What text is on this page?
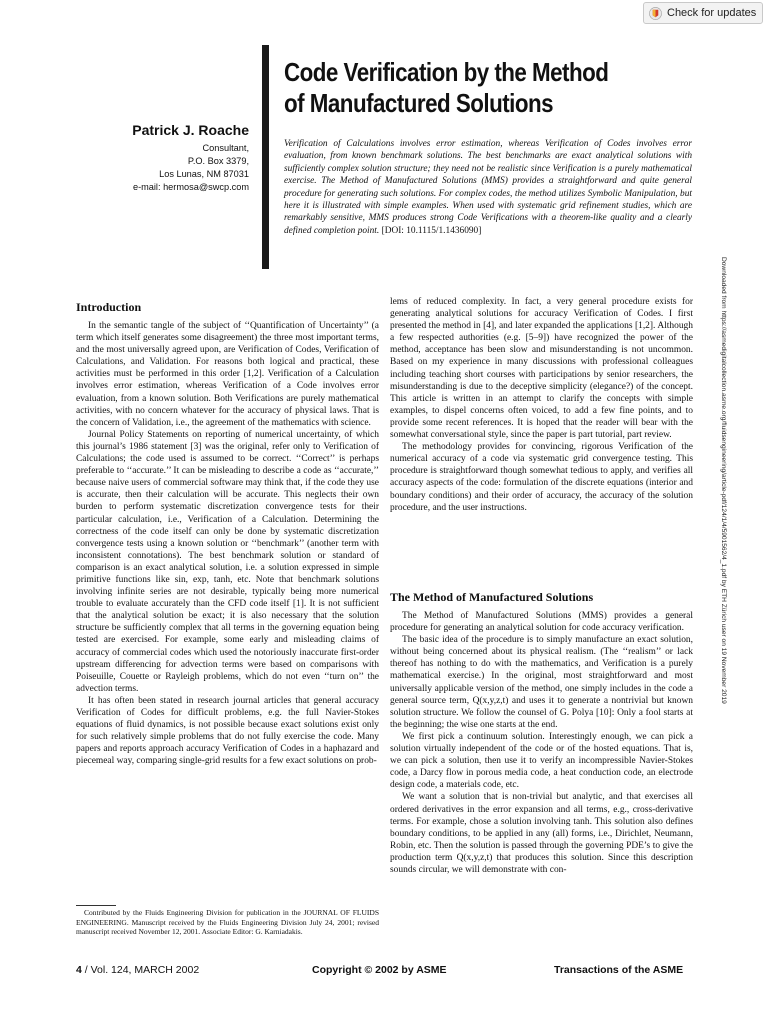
Check for updates
Code Verification by the Method
of Manufactured Solutions
Patrick J. Roache
Consultant,
P.O. Box 3379,
Los Lunas, NM 87031
e-mail: hermosa@swcp.com
Verification of Calculations involves error estimation, whereas Verification of Codes involves error evaluation, from known benchmark solutions. The best benchmarks are exact analytical solutions with sufficiently complex solution structure; they need not be realistic since Verification is a purely mathematical exercise. The Method of Manufactured Solutions (MMS) provides a straightforward and quite general procedure for generating such solutions. For complex codes, the method utilizes Symbolic Manipulation, but here it is illustrated with simple examples. When used with systematic grid refinement studies, which are remarkably sensitive, MMS produces strong Code Verifications with a theorem-like quality and a clearly defined completion point. [DOI: 10.1115/1.1436090]
Downloaded from https://asmedigitalcollection.asme.org/fluidsengineering/article-pdf/124/1/4/5901562/4_1.pdf by ETH Zürich user on 19 November 2019
Introduction

In the semantic tangle of the subject of ‘‘Quantification of Uncertainty’’ (a term which itself generates some disagreement) the three most important terms, and the most universally agreed upon, are Verification of Codes, Verification of Calculations, and Validation. For reasons both logical and practical, these activities must be performed in this order [1,2]. Verification of a Calculation involves error estimation, whereas Verification of a Code involves error evaluation, from a known solution. Both Verifications are purely mathematical activities, with no concern whatever for the accuracy of physical laws. That is the concern of Validation, i.e., the agreement of the mathematics with science.

Journal Policy Statements on reporting of numerical uncertainty, of which this journal’s 1986 statement [3] was the original, refer only to Verification of Calculations; the code used is assumed to be correct. ‘‘Correct’’ is perhaps preferable to ‘‘accurate.’’ It can be misleading to describe a code as ‘‘accurate,’’ because naive users of commercial software may think that, if the code they use is accurate, then their calculation will be accurate. This neglects their own burden to perform systematic discretization convergence tests for their particular calculation, i.e., Verification of a Calculation. Determining the correctness of the code itself can only be done by systematic discretization convergence tests using a known solution or ‘‘benchmark’’ (another term with inconsistent connotations). The best benchmark solution or standard of comparison is an exact analytical solution, i.e. a solution expressed in simple primitive functions like sin, exp, tanh, etc. Note that benchmark solutions involving infinite series are not desirable, typically being more numerical trouble to evaluate accurately than the CFD code itself [1]. It is not sufficient that the analytical solution be exact; it is also necessary that the solution structure be sufficiently complex that all terms in the governing equation being tested are exercised. For example, some early and misleading claims of accuracy of commercial codes which used the notoriously inaccurate first-order upstream differencing for advection terms were based on comparisons with Poiseuille, Couette or Rayleigh problems, which do not even ‘‘turn on’’ the advection terms.

It has often been stated in research journal articles that general accuracy Verification of Codes for difficult problems, e.g. the full Navier-Stokes equations of fluid dynamics, is not possible because exact solutions exist only for such relatively simple problems that do not fully exercise the code. Many papers and reports approach accuracy Verification of Codes in a haphazard and piecemeal way, comparing single-grid results for a few exact solutions on prob-

lems of reduced complexity. In fact, a very general procedure exists for generating analytical solutions for accuracy Verification of Codes. I first presented the method in [4], and later expanded the applications [1,2]. Although a few respected authorities (e.g. [5–9]) have recognized the power of the method, acceptance has been slow and misunderstanding is not uncommon. Based on my experience in many discussions with professional colleagues including teaching short courses with participations by senior researchers, the misunderstanding is due to the deceptive simplicity (elegance?) of the concept. This article is written in an attempt to clarify the concepts with simple examples, to dispel concerns often voiced, to add a few fine points, and to provide some recent references. It is hoped that the reader will bear with the somewhat conversational style, since the paper is part tutorial, part review.

The methodology provides for convincing, rigorous Verification of the numerical accuracy of a code via systematic grid convergence testing. This procedure is straightforward though somewhat tedious to apply, and verifies all accuracy aspects of the code: formulation of the discrete equations (interior and boundary conditions) and their order of accuracy, the accuracy of the solution procedure, and the user instructions.

The Method of Manufactured Solutions

The Method of Manufactured Solutions (MMS) provides a general procedure for generating an analytical solution for code accuracy verification.

The basic idea of the procedure is to simply manufacture an exact solution, without being concerned about its physical realism. (The ‘‘realism’’ or lack thereof has nothing to do with the mathematics, and Verification is a purely mathematical exercise.) In the original, most straightforward and most universally applicable version of the method, one simply includes in the code a general source term, Q(x,y,z,t) and uses it to generate a nontrivial but known solution structure. We follow the counsel of G. Polya [10]: Only a fool starts at the beginning; the wise one starts at the end.

We first pick a continuum solution. Interestingly enough, we can pick a solution virtually independent of the code or of the hosted equations. That is, we can pick a solution, then use it to verify an incompressible Navier-Stokes code, a Darcy flow in porous media code, a heat conduction code, an electrode design code, a materials code, etc.

We want a solution that is non-trivial but analytic, and that exercises all ordered derivatives in the error expansion and all terms, e.g., cross-derivative terms. For example, chose a solution involving tanh. This solution also defines boundary conditions, to be applied in any (all) forms, i.e., Dirichlet, Neumann, Robin, etc. Then the solution is passed through the governing PDE’s to give the production term Q(x,y,z,t) that produces this solution. Since this description sounds circular, we will demonstrate with con-

Contributed by the Fluids Engineering Division for publication in the JOURNAL OF FLUIDS ENGINEERING. Manuscript received by the Fluids Engineering Division July 24, 2001; revised manuscript received November 12, 2001. Associate Editor: G. Karniadakis.
4 / Vol. 124, MARCH 2002	Copyright © 2002 by ASME	Transactions of the ASME
